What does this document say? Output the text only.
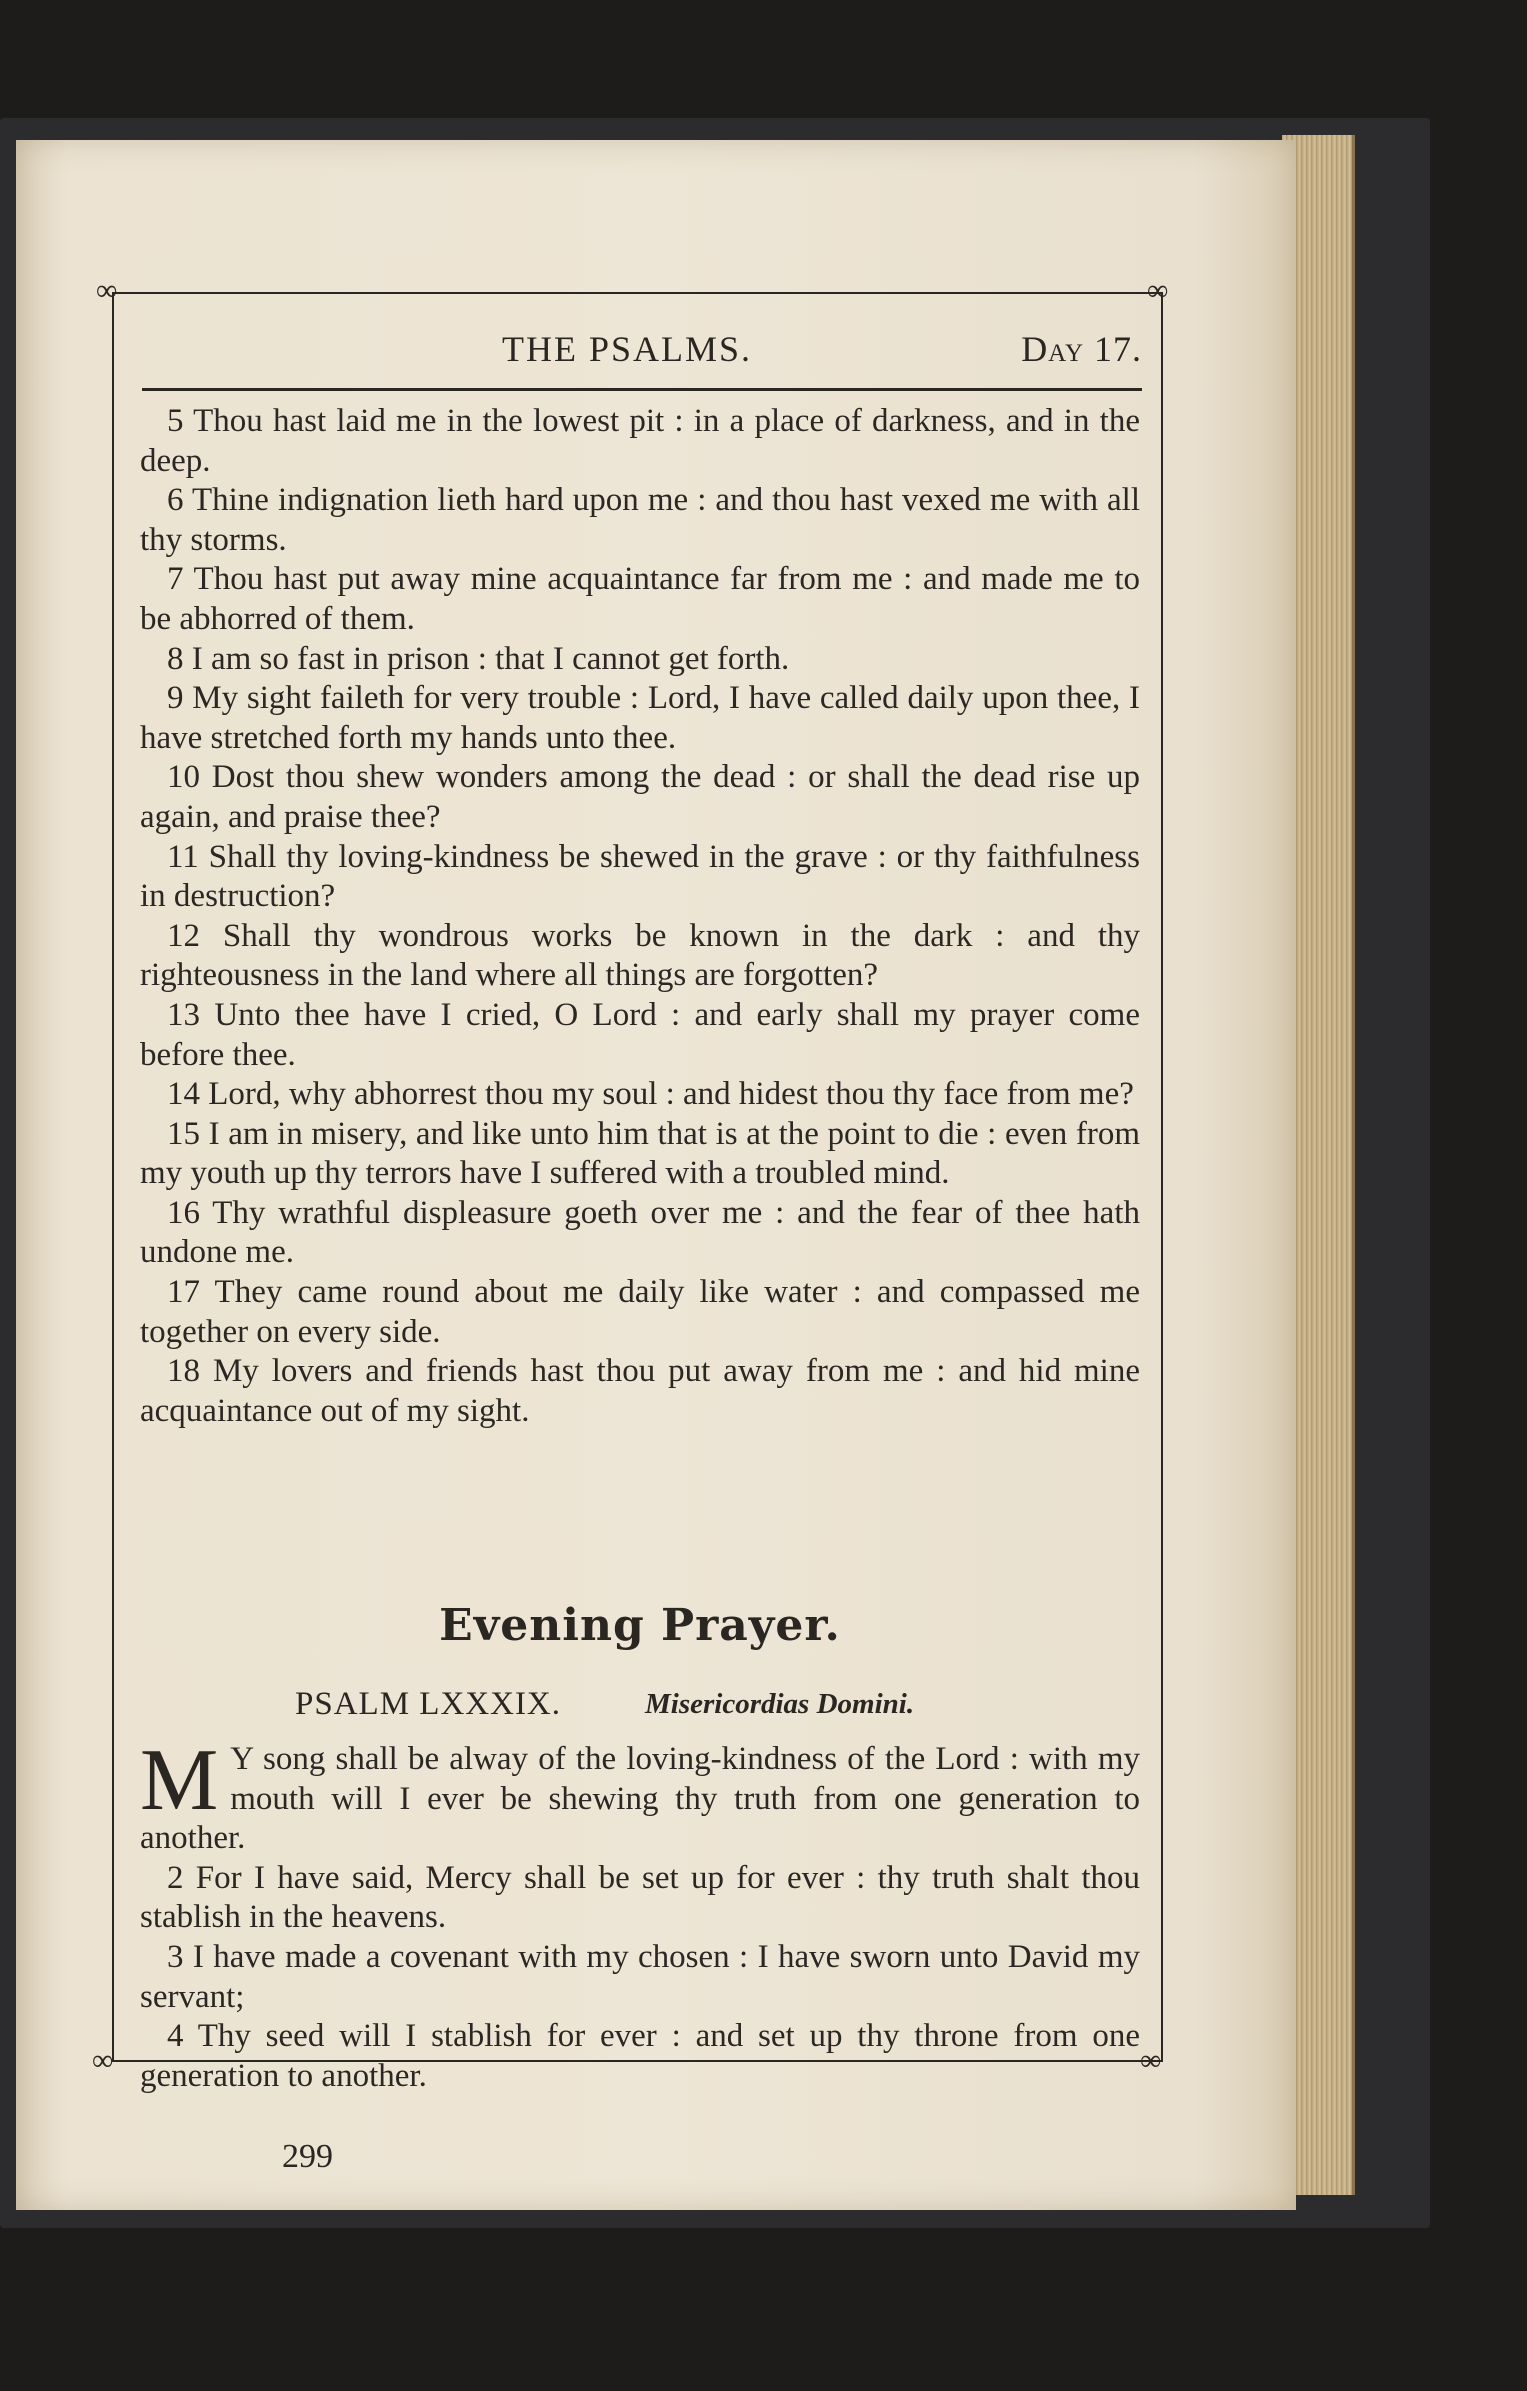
∞	∞
∞	∞
THE PSALMS.	Day 17.

5 Thou hast laid me in the lowest pit : in a place of darkness, and in the deep.

6 Thine indignation lieth hard upon me : and thou hast vexed me with all thy storms.

7 Thou hast put away mine acquaintance far from me : and made me to be abhorred of them.

8 I am so fast in prison : that I cannot get forth.

9 My sight faileth for very trouble : Lord, I have called daily upon thee, I have stretched forth my hands unto thee.

10 Dost thou shew wonders among the dead : or shall the dead rise up again, and praise thee?

11 Shall thy loving-kindness be shewed in the grave : or thy faithfulness in destruction?

12 Shall thy wondrous works be known in the dark : and thy righteousness in the land where all things are forgotten?

13 Unto thee have I cried, O Lord : and early shall my prayer come before thee.

14 Lord, why abhorrest thou my soul : and hidest thou thy face from me?

15 I am in misery, and like unto him that is at the point to die : even from my youth up thy terrors have I suffered with a troubled mind.

16 Thy wrathful displeasure goeth over me : and the fear of thee hath undone me.

17 They came round about me daily like water : and compassed me together on every side.

18 My lovers and friends hast thou put away from me : and hid mine acquaintance out of my sight.

Evening Prayer.
PSALM LXXXIX.	Misericordias Domini.

M Y song shall be alway of the loving-kindness of the Lord : with my mouth will I ever be shewing thy truth from one generation to another.

2 For I have said, Mercy shall be set up for ever : thy truth shalt thou stablish in the heavens.

3 I have made a covenant with my chosen : I have sworn unto David my servant;

4 Thy seed will I stablish for ever : and set up thy throne from one generation to another.

299
